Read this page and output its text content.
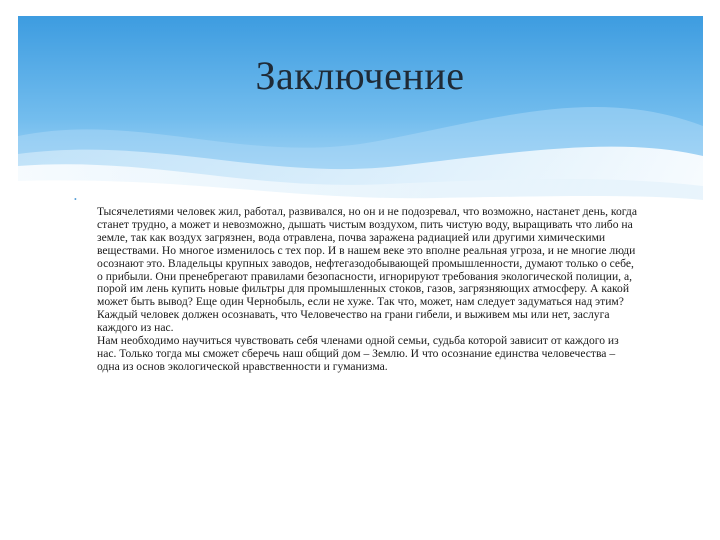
Заключение
•

Тысячелетиями человек жил, работал, развивался, но он и не подозревал, что возможно, настанет день, когда станет трудно, а может и невозможно, дышать чистым воздухом, пить чистую воду, выращивать что либо на земле, так как воздух загрязнен, вода отравлена, почва заражена радиацией или другими химическими веществами. Но многое изменилось с тех пор. И в нашем веке это вполне реальная угроза, и не многие люди осознают это. Владельцы крупных заводов, нефтегазодобывающей промышленности, думают только о себе, о прибыли. Они пренебрегают правилами безопасности, игнорируют требования экологической полиции, а, порой им лень купить новые фильтры для промышленных стоков, газов, загрязняющих атмосферу. А какой может быть вывод? Еще один Чернобыль, если не хуже. Так что, может, нам следует задуматься над этим? Каждый человек должен осознавать, что Человечество на грани гибели, и выживем мы или нет, заслуга каждого из нас.

Нам необходимо научиться чувствовать себя членами одной семьи, судьба которой зависит от каждого из нас. Только тогда мы сможет сберечь наш общий дом – Землю. И что осознание единства человечества – одна из основ экологической нравственности и гуманизма.
